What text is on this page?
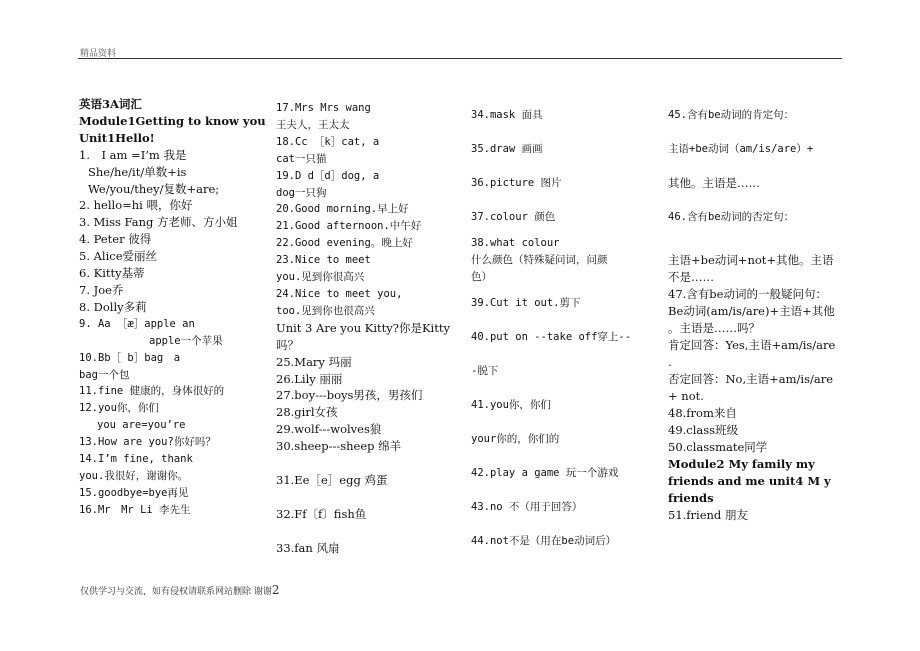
精品资料
英语3A词汇
Module1Getting to know you
Unit1Hello!
1.　I am =I’m 我是
She/he/it/单数+is
We/you/they/复数+are;
2. hello=hi 喂，你好
3. Miss Fang 方老师、方小姐
4. Peter 彼得
5. Alice爱丽丝
6. Kitty基蒂
7. Joe乔
8. Dolly多莉
9. Aa ［æ］apple an
apple一个苹果
10.Bb［ b］bag　a
bag一个包
11.fine 健康的，身体很好的
12.you你，你们
you are=you’re
13.How are you?你好吗？
14.I’m fine, thank
you.我很好，谢谢你。
15.goodbye=bye再见
16.Mr　Mr Li 李先生
17.Mrs Mrs wang
王夫人，王太太
18.Cc ［k］cat, a
cat一只猫
19.D d［d］dog, a
dog一只狗
20.Good morning.早上好
21.Good afternoon.中午好
22.Good evening。晚上好
23.Nice to meet
you.见到你很高兴
24.Nice to meet you,
too.见到你也很高兴
Unit 3 Are you Kitty?你是Kitty
吗？
25.Mary 玛丽
26.Lily 丽丽
27.boy---boys男孩，男孩们
28.girl女孩
29.wolf---wolves狼
30.sheep---sheep 绵羊
31.Ee［e］egg 鸡蛋
32.Ff〔f〕fish鱼
33.fan 风扇
34.mask 面具
35.draw 画画
36.picture 图片
37.colour 颜色
38.what colour
什么颜色（特殊疑问词，问颜
色）
39.Cut it out.剪下
40.put on --take off穿上--
-脱下
41.you你，你们
your你的，你们的
42.play a game 玩一个游戏
43.no 不（用于回答）
44.not不是（用在be动词后）
45.含有be动词的肯定句：
主语+be动词（am/is/are）+
其他。主语是……
46.含有be动词的否定句：
主语+be动词+not+其他。主语
不是……
47.含有be动词的一般疑问句：
Be动词(am/is/are)+主语+其他
。主语是……吗？
肯定回答：Yes,主语+am/is/are
.
否定回答：No,主语+am/is/are
+ not.
48.from来自
49.class班级
50.classmate同学
Module2 My family my
friends and me unit4 M y
friends
51.friend 朋友
仅供学习与交流，如有侵权请联系网站删除 谢谢2
